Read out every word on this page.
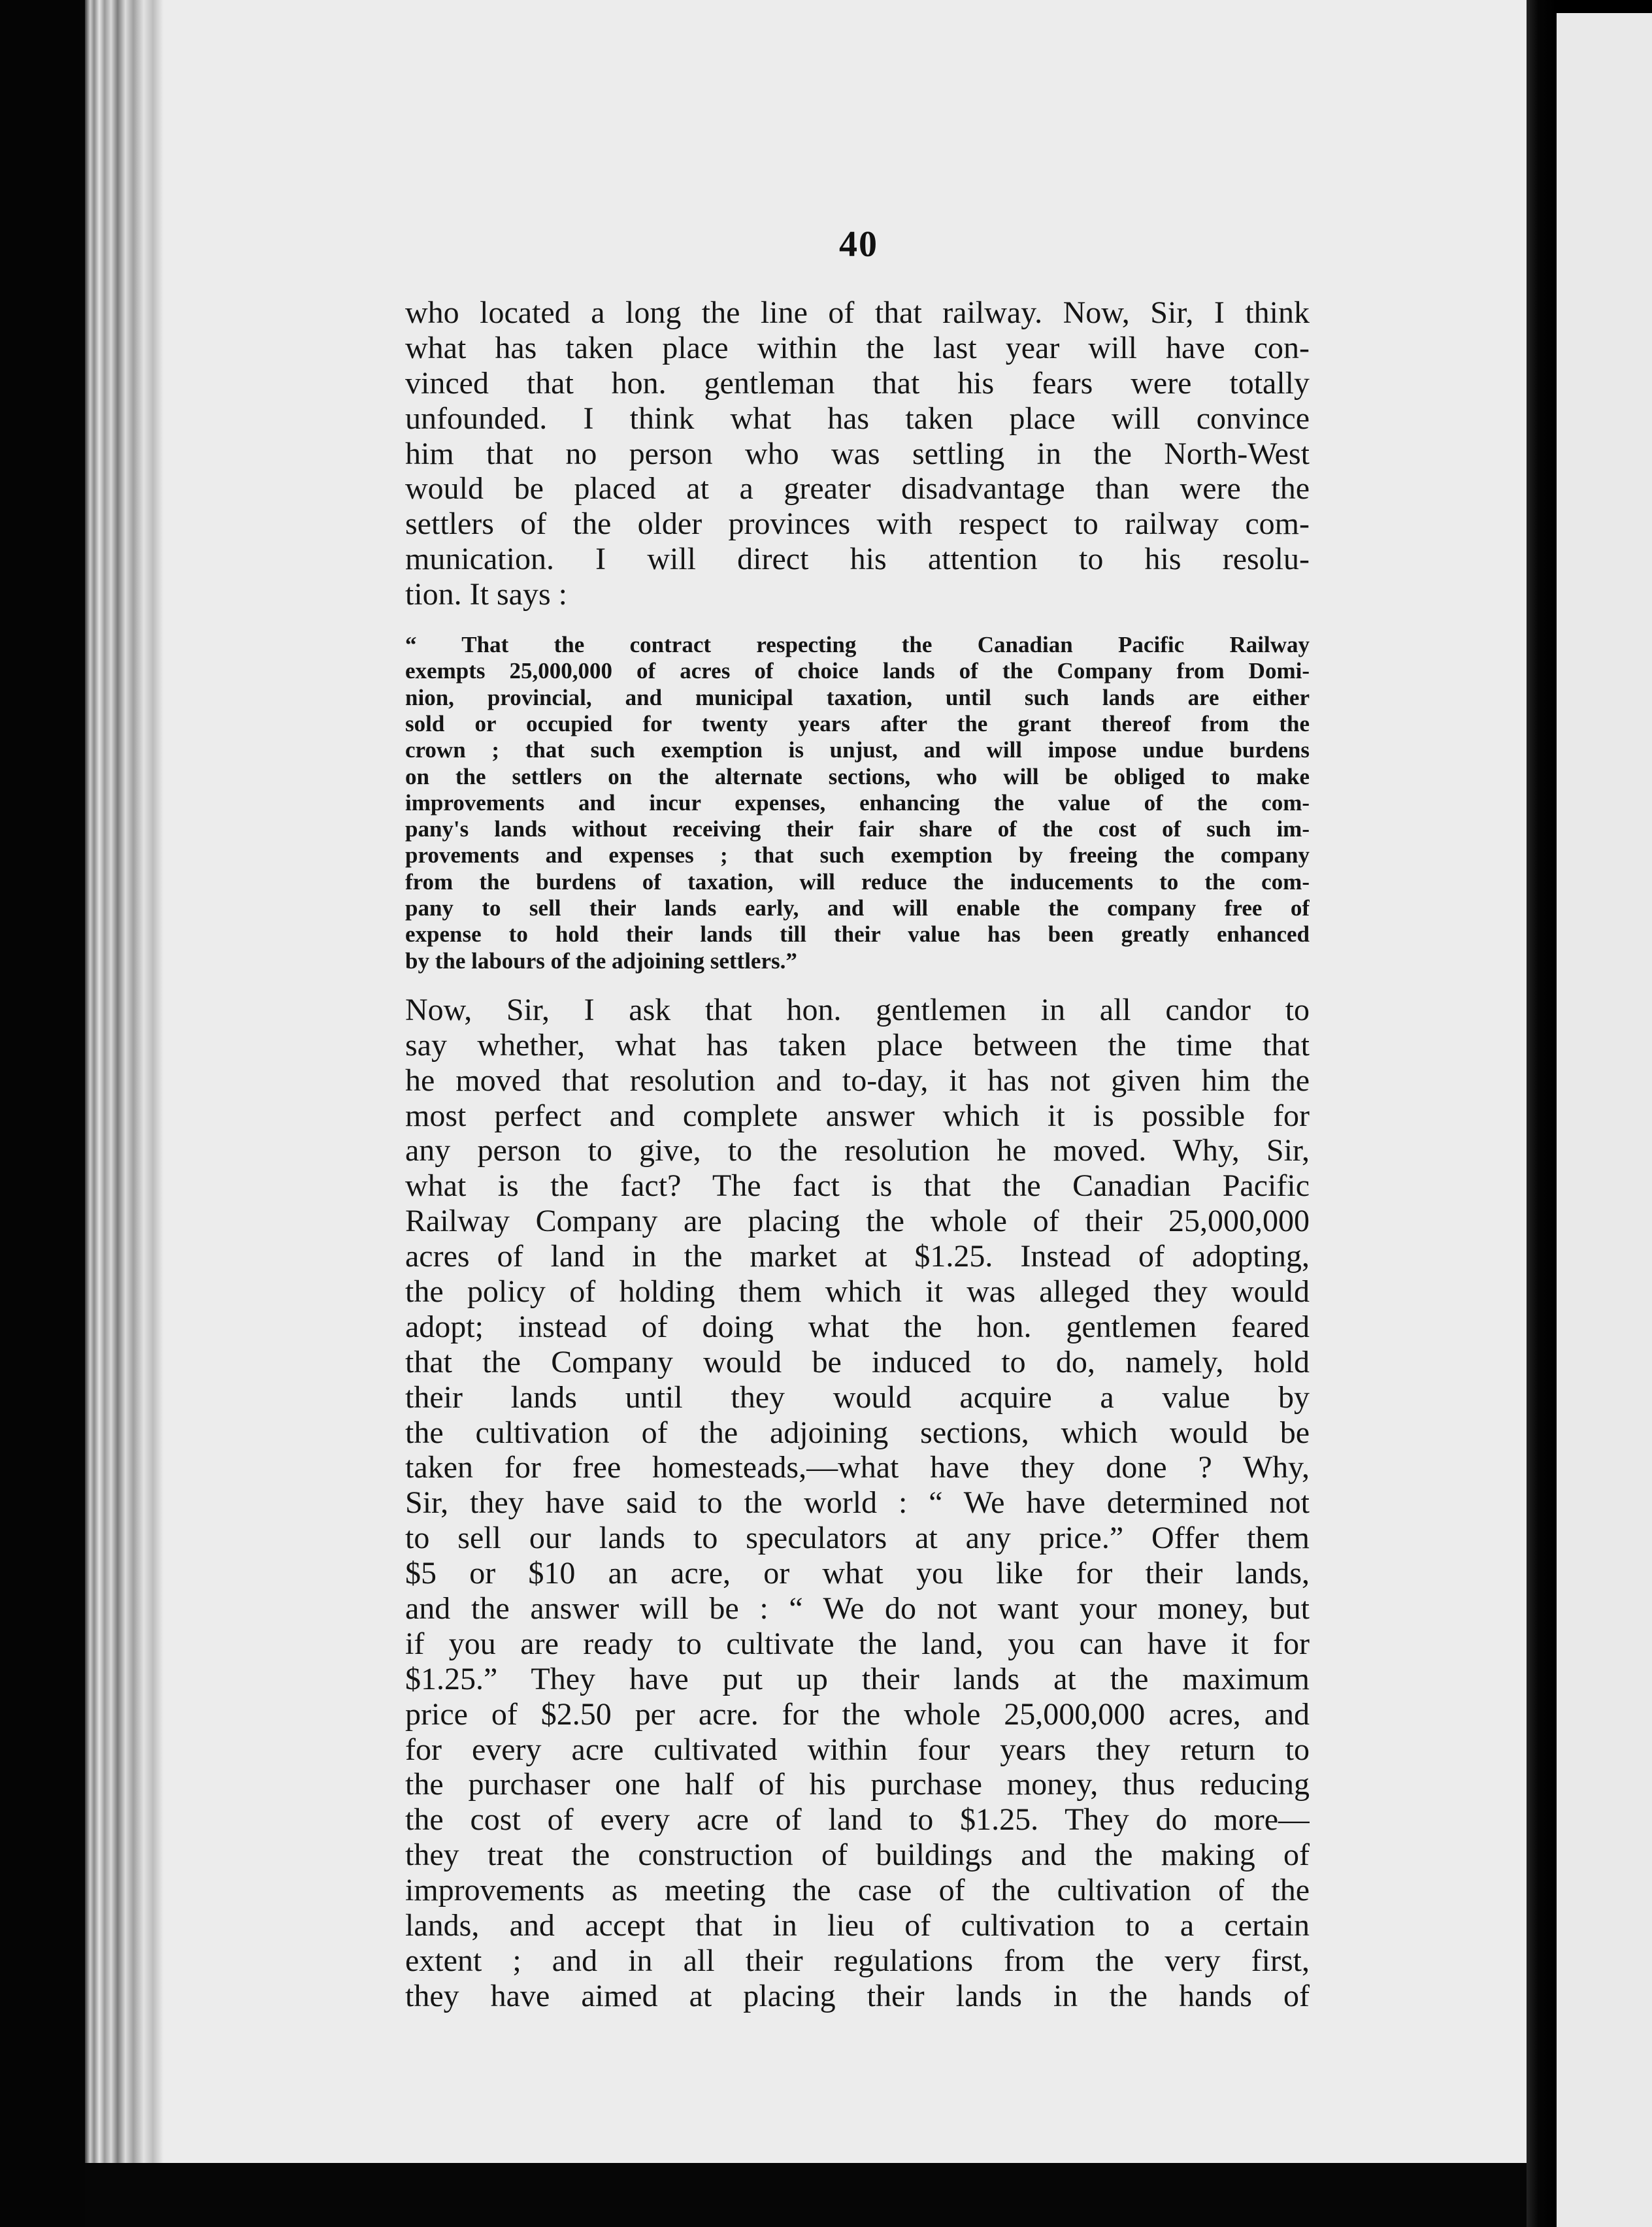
40
who located a long the line of that railway. Now, Sir, I think
what has taken place within the last year will have con-
vinced that hon. gentleman that his fears were totally
unfounded. I think what has taken place will convince
him that no person who was settling in the North-West
would be placed at a greater disadvantage than were the
settlers of the older provinces with respect to railway com-
munication. I will direct his attention to his resolu-
tion. It says :
“ That the contract respecting the Canadian Pacific Railway
exempts 25,000,000 of acres of choice lands of the Company from Domi-
nion, provincial, and municipal taxation, until such lands are either
sold or occupied for twenty years after the grant thereof from the
crown ; that such exemption is unjust, and will impose undue burdens
on the settlers on the alternate sections, who will be obliged to make
improvements and incur expenses, enhancing the value of the com-
pany's lands without receiving their fair share of the cost of such im-
provements and expenses ; that such exemption by freeing the company
from the burdens of taxation, will reduce the inducements to the com-
pany to sell their lands early, and will enable the company free of
expense to hold their lands till their value has been greatly enhanced
by the labours of the adjoining settlers.”
Now, Sir, I ask that hon. gentlemen in all candor to
say whether, what has taken place between the time that
he moved that resolution and to-day, it has not given him the
most perfect and complete answer which it is possible for
any person to give, to the resolution he moved. Why, Sir,
what is the fact? The fact is that the Canadian Pacific
Railway Company are placing the whole of their 25,000,000
acres of land in the market at $1.25. Instead of adopting,
the policy of holding them which it was alleged they would
adopt; instead of doing what the hon. gentlemen feared
that the Company would be induced to do, namely, hold
their lands until they would acquire a value by
the cultivation of the adjoining sections, which would be
taken for free homesteads,—what have they done ? Why,
Sir, they have said to the world : “ We have determined not
to sell our lands to speculators at any price.” Offer them
$5 or $10 an acre, or what you like for their lands,
and the answer will be : “ We do not want your money, but
if you are ready to cultivate the land, you can have it for
$1.25.” They have put up their lands at the maximum
price of $2.50 per acre. for the whole 25,000,000 acres, and
for every acre cultivated within four years they return to
the purchaser one half of his purchase money, thus reducing
the cost of every acre of land to $1.25. They do more—
they treat the construction of buildings and the making of
improvements as meeting the case of the cultivation of the
lands, and accept that in lieu of cultivation to a certain
extent ; and in all their regulations from the very first,
they have aimed at placing their lands in the hands of
